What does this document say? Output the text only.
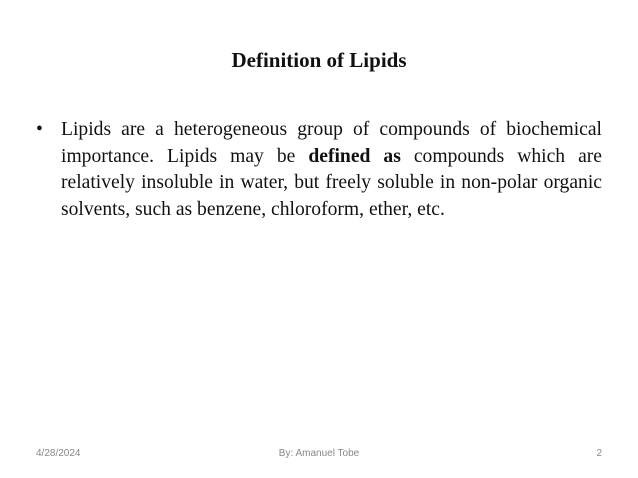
Definition of Lipids
• Lipids are a heterogeneous group of compounds of biochemical importance. Lipids may be defined as compounds which are relatively insoluble in water, but freely soluble in non-polar organic solvents, such as benzene, chloroform, ether, etc.
4/28/2024	By: Amanuel Tobe	2
